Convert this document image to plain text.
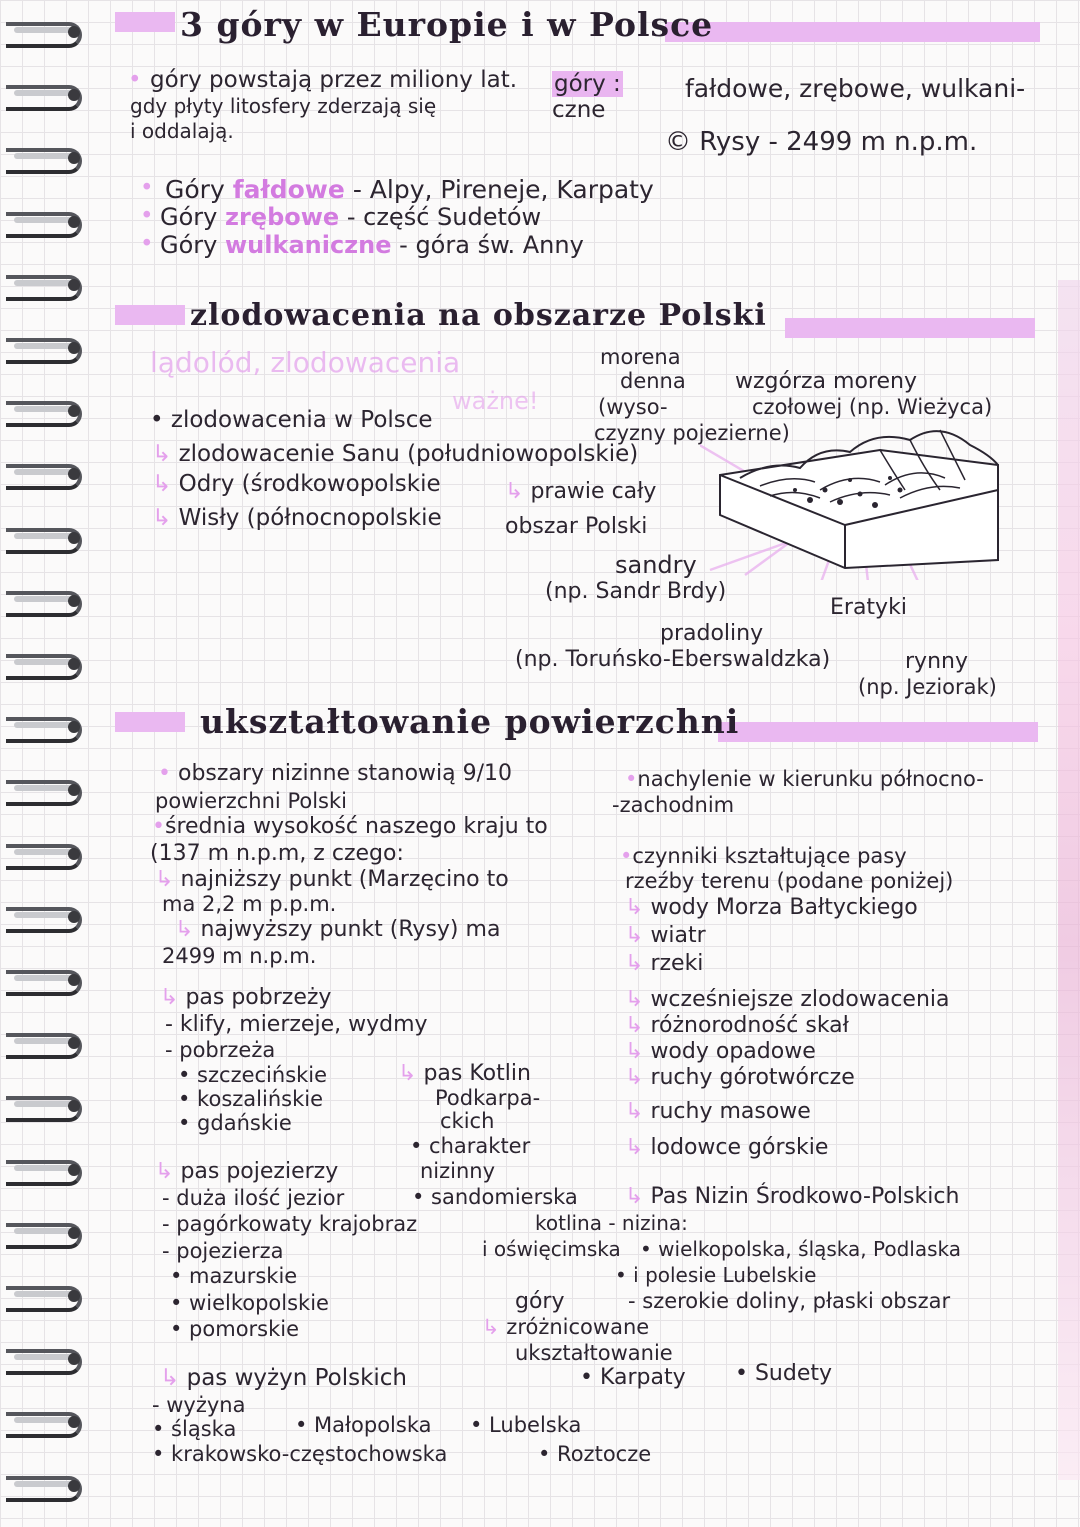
3 góry w Europie i w Polsce
• góry powstają przez miliony lat.
gdy płyty litosfery zderzają się
i oddalają.
góry :
czne
fałdowe, zrębowe, wulkani-
© Rysy - 2499 m n.p.m.
• Góry fałdowe - Alpy, Pireneje, Karpaty
• Góry zrębowe - część Sudetów
• Góry wulkaniczne - góra św. Anny
zlodowacenia na obszarze Polski
lądolód, zlodowacenia
ważne!
• zlodowacenia w Polsce
↳ zlodowacenie Sanu (południowopolskie)
↳ Odry (środkowopolskie
↳ Wisły (północnopolskie
↳ prawie cały
obszar Polski
morena
denna
(wyso-
czyzny pojezierne)
wzgórza moreny
czołowej (np. Wieżyca)
sandry
(np. Sandr Brdy)
Eratyki
pradoliny
(np. Toruńsko-Eberswaldzka)	rynny
(np. Jeziorak)
ukształtowanie powierzchni
• obszary nizinne stanowią 9/10
powierzchni Polski
•średnia wysokość naszego kraju to
(137 m n.p.m, z czego:
↳ najniższy punkt (Marzęcino to
ma 2,2 m p.p.m.
↳ najwyższy punkt (Rysy) ma
2499 m n.p.m.
•nachylenie w kierunku północno-
-zachodnim
•czynniki kształtujące pasy
rzeźby terenu (podane poniżej)
↳ wody Morza Bałtyckiego
↳ wiatr
↳ rzeki
↳ wcześniejsze zlodowacenia
↳ różnorodność skał
↳ wody opadowe
↳ ruchy górotwórcze
↳ ruchy masowe
↳ lodowce górskie
↳ pas pobrzeży
- klify, mierzeje, wydmy
- pobrzeża
• szczecińskie
• koszalińskie
• gdańskie
↳ pas Kotlin
Podkarpa-
ckich
• charakter
nizinny
• sandomierska
kotlina - nizina:
i oświęcimska
↳ pas pojezierzy
- duża ilość jezior
- pagórkowaty krajobraz
- pojezierza
• mazurskie
• wielkopolskie
• pomorskie
↳ Pas Nizin Środkowo-Polskich
• wielkopolska, śląska, Podlaska
• i polesie Lubelskie
- szerokie doliny, płaski obszar
góry
↳ zróżnicowane
ukształtowanie
• Karpaty • Sudety
↳ pas wyżyn Polskich
- wyżyna
• śląska	• Małopolska • Lubelska
• krakowsko-częstochowska	• Roztocze
